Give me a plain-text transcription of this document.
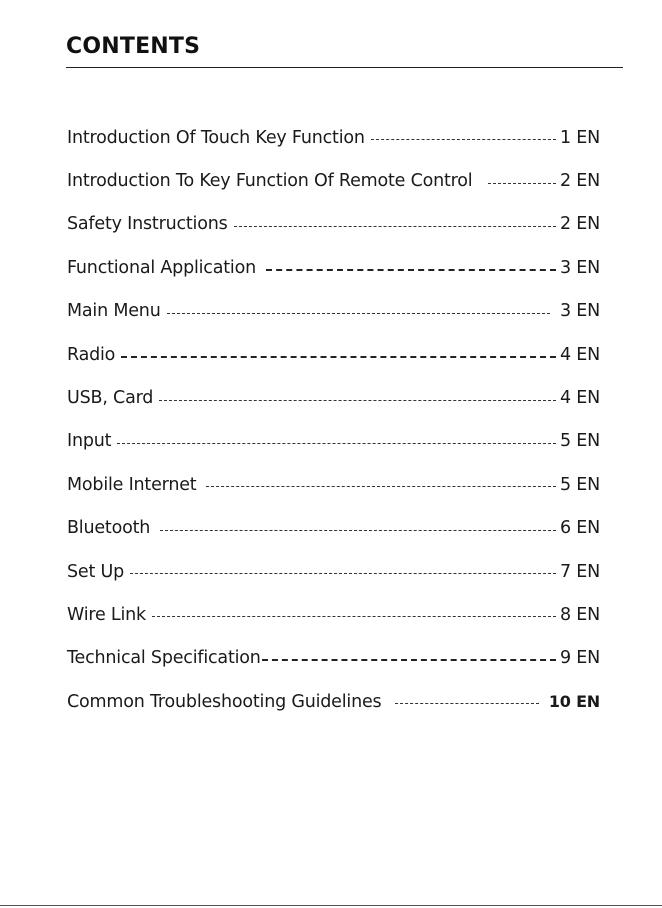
CONTENTS
Introduction Of Touch Key Function	1 EN
Introduction To Key Function Of Remote Control	2 EN
Safety Instructions	2 EN
Functional Application	3 EN
Main Menu	3 EN
Radio	4 EN
USB, Card	4 EN
Input	5 EN
Mobile Internet	5 EN
Bluetooth	6 EN
Set Up	7 EN
Wire Link	8 EN
Technical Specification	9 EN
Common Troubleshooting Guidelines	10 EN
